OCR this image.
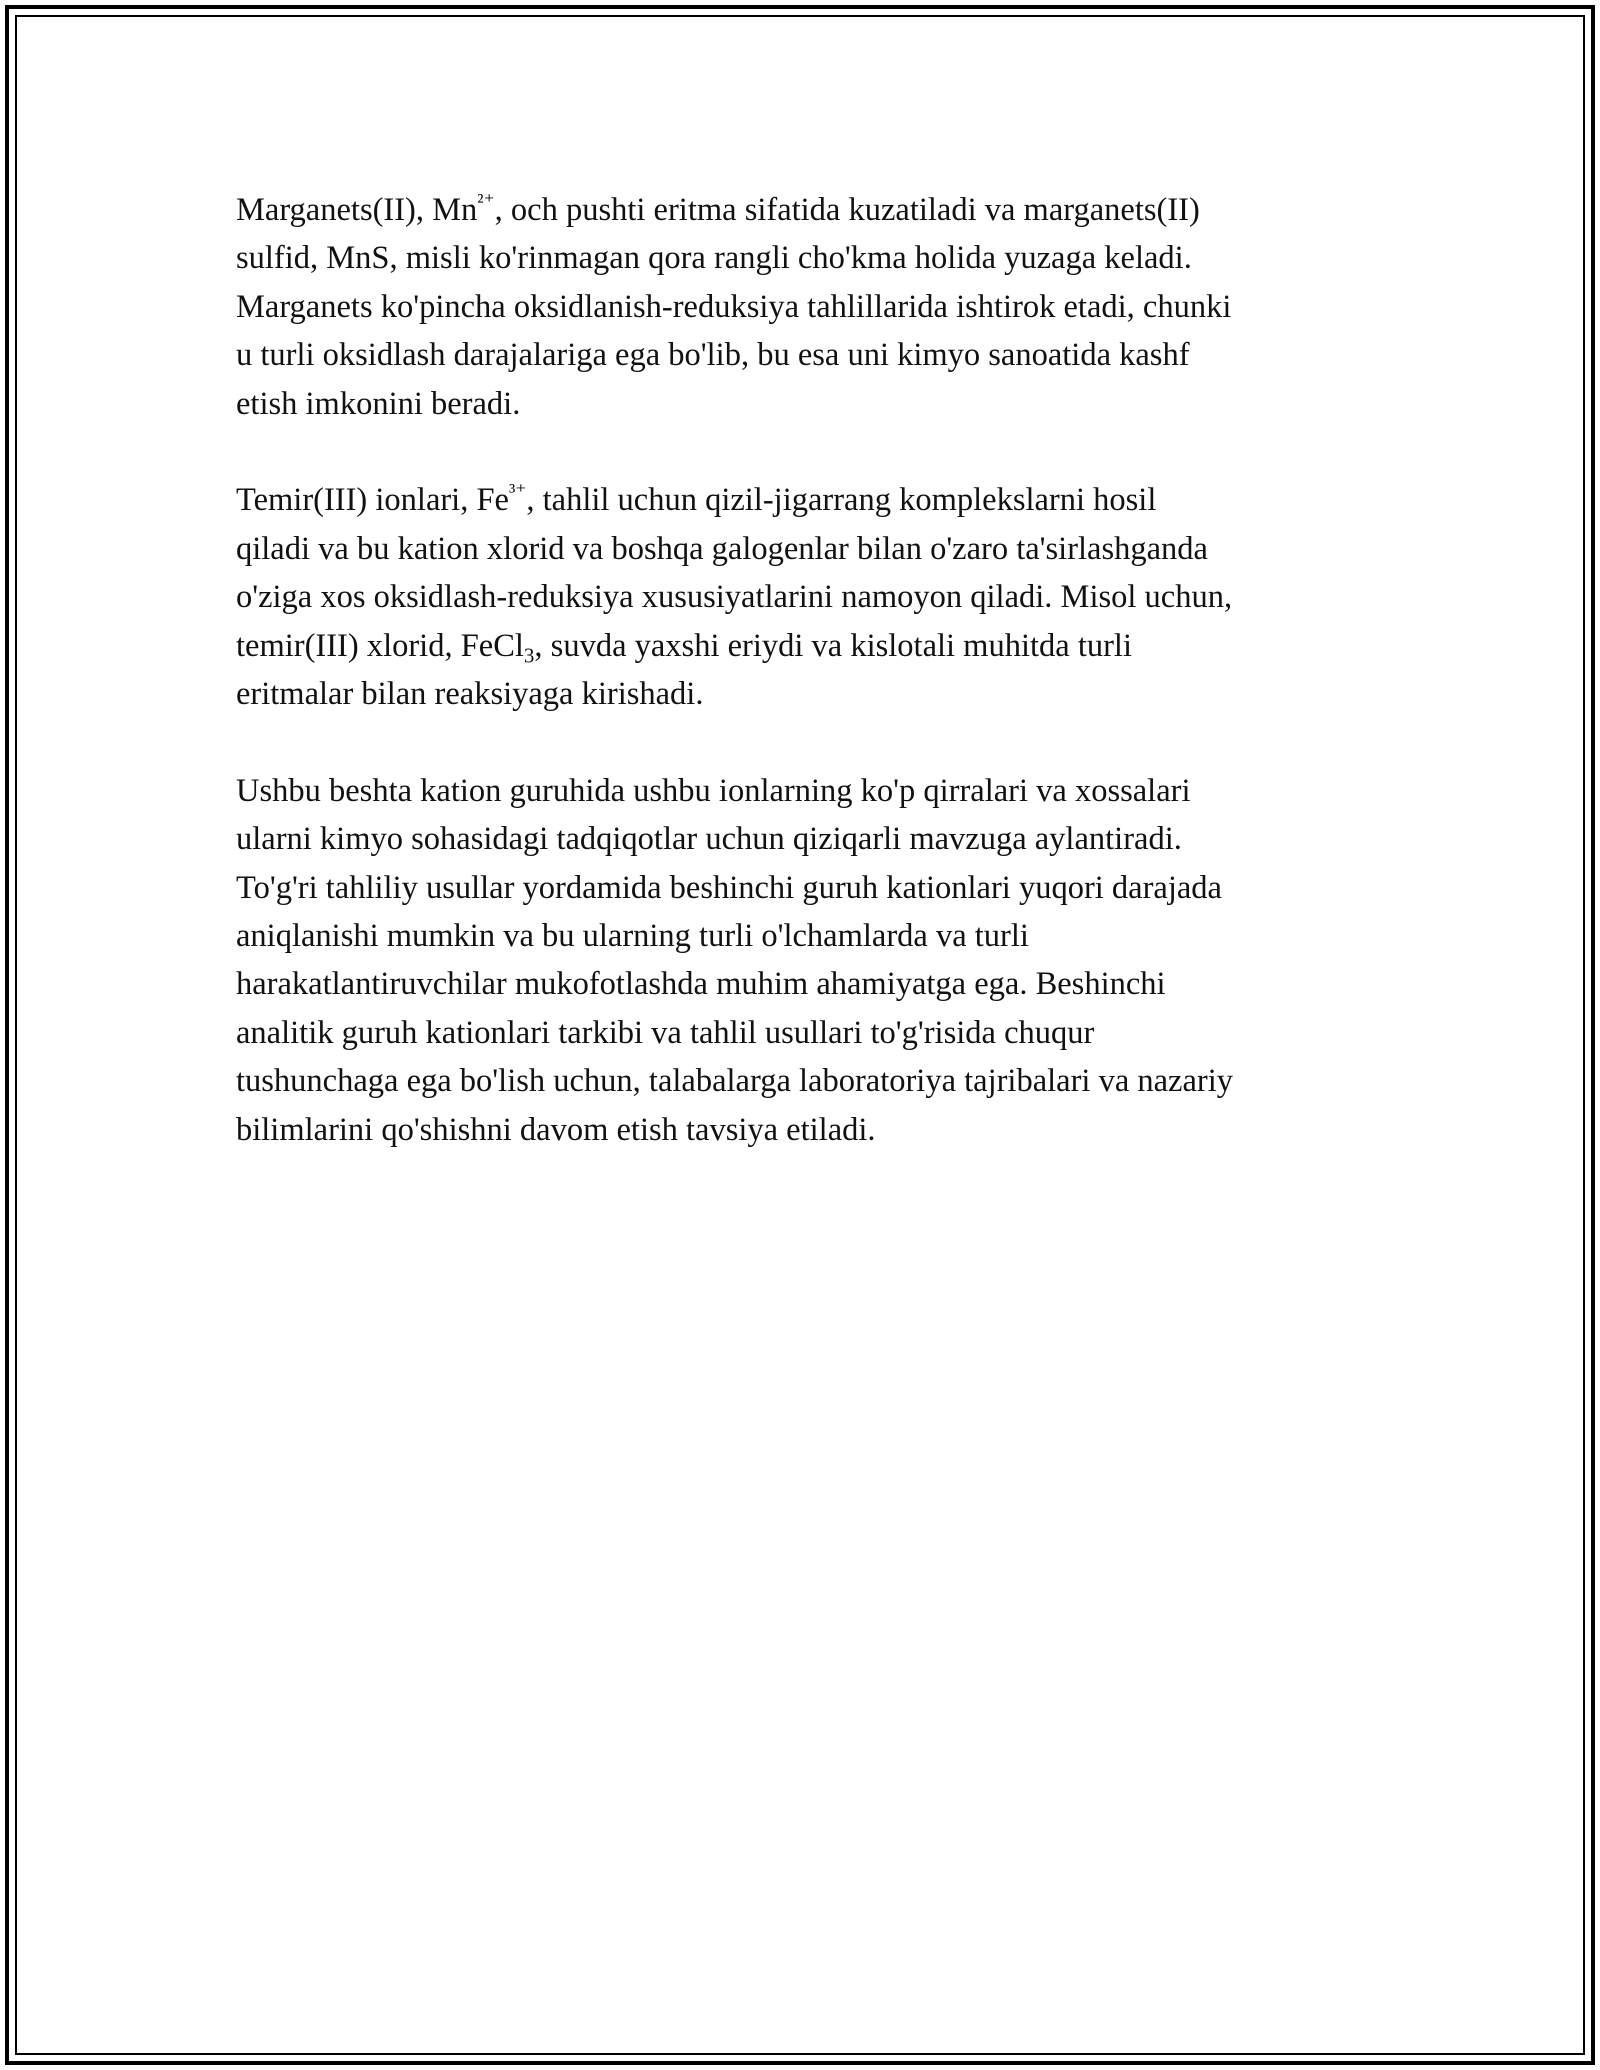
Marganets(II), $Mn^{^{2+}}$, och pushti eritma sifatida kuzatiladi va marganets(II)
sulfid, MnS, misli ko'rinmagan qora rangli cho'kma holida yuzaga keladi.
Marganets ko'pincha oksidlanish-reduksiya tahlillarida ishtirok etadi, chunki
u turli oksidlash darajalariga ega bo'lib, bu esa uni kimyo sanoatida kashf
etish imkonini beradi.

Temir(III) ionlari, $Fe^{^{3+}}$, tahlil uchun qizil-jigarrang komplekslarni hosil
qiladi va bu kation xlorid va boshqa galogenlar bilan o'zaro ta'sirlashganda
o'ziga xos oksidlash-reduksiya xususiyatlarini namoyon qiladi. Misol uchun,
temir(III) xlorid, FeCl$_3$, suvda yaxshi eriydi va kislotali muhitda turli
eritmalar bilan reaksiyaga kirishadi.

Ushbu beshta kation guruhida ushbu ionlarning ko'p qirralari va xossalari
ularni kimyo sohasidagi tadqiqotlar uchun qiziqarli mavzuga aylantiradi.
To'g'ri tahliliy usullar yordamida beshinchi guruh kationlari yuqori darajada
aniqlanishi mumkin va bu ularning turli o'lchamlarda va turli
harakatlantiruvchilar mukofotlashda muhim ahamiyatga ega. Beshinchi
analitik guruh kationlari tarkibi va tahlil usullari to'g'risida chuqur
tushunchaga ega bo'lish uchun, talabalarga laboratoriya tajribalari va nazariy
bilimlarini qo'shishni davom etish tavsiya etiladi.
